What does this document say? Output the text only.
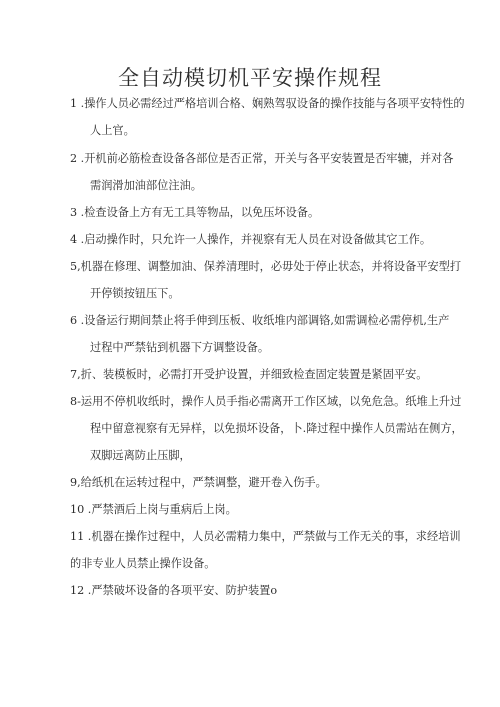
全自动模切机平安操作规程
1 .操作人员必需经过严格培训合格、娴熟驾驭设备的操作技能与各项平安特性的
人上官。
2 .开机前必筋检查设备各部位是否正常，开关与各平安装置是否牢辘，并对各
需润滑加油部位注油。
3 .检查设备上方有无工具等物品，以免压坏设备。
4 .启动操作时，只允许一人操作，并视察有无人员在对设备做其它工作。
5,机器在修理、调整加油、保养清理时，必毋处于停止状态，并将设备平安型打
开停锁按钮压下。
6 .设备运行期间禁止将手伸到压板、收纸堆内部调铬,如需调检必需停机,生产
过程中严禁钻到机器下方调整设备。
7,折、装模板时，必需打开受护设置，并细致检查固定装置是紧固平安。
8-运用不停机收纸时，操作人员手指必需离开工作区域，以免危急。纸堆上升过
程中留意视察有无异样，以免损坏设备，卜.降过程中操作人员需站在侧方，
双脚远离防止压脚，
9,给纸机在运转过程中，严禁调整，避开卷入伤手。
10 .严禁酒后上岗与重病后上岗。
11 .机器在操作过程中，人员必需精力集中，严禁做与工作无关的事，求经培训
的非专业人员禁止操作设备。
12 .严禁破坏设备的各项平安、防护装置o
